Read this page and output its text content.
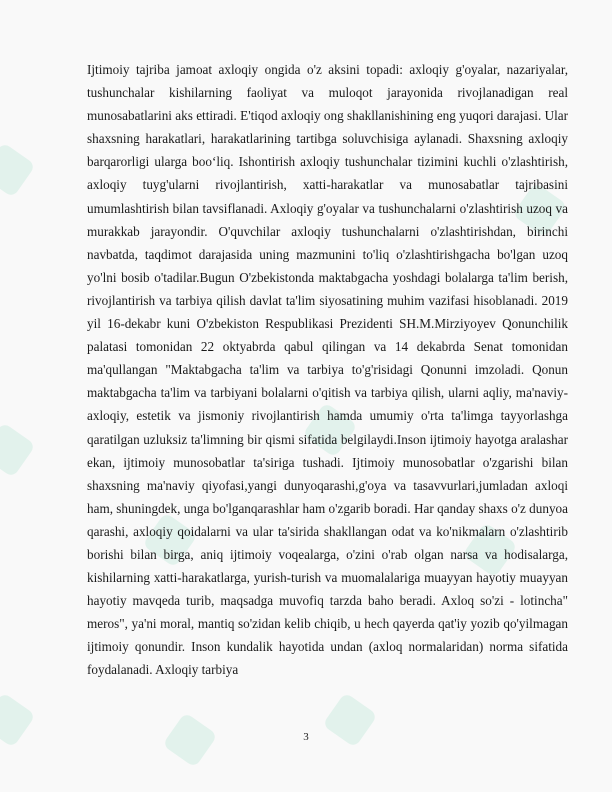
Ijtimoiy tajriba jamoat axloqiy ongida o'z aksini topadi: axloqiy g'oyalar, nazariyalar, tushunchalar kishilarning faoliyat va muloqot jarayonida rivojlanadigan real munosabatlarini aks ettiradi. E'tiqod axloqiy ong shakllanishining eng yuqori darajasi. Ular shaxsning harakatlari, harakatlarining tartibga soluvchisiga aylanadi. Shaxsning axloqiy barqarorligi ularga boo‘liq. Ishontirish axloqiy tushunchalar tizimini kuchli o'zlashtirish, axloqiy tuyg'ularni rivojlantirish, xatti-harakatlar va munosabatlar tajribasini umumlashtirish bilan tavsiflanadi. Axloqiy g'oyalar va tushunchalarni o'zlashtirish uzoq va murakkab jarayondir. O'quvchilar axloqiy tushunchalarni o'zlashtirishdan, birinchi navbatda, taqdimot darajasida uning mazmunini to'liq o'zlashtirishgacha bo'lgan uzoq yo'lni bosib o'tadilar.Bugun O'zbekistonda maktabgacha yoshdagi bolalarga ta'lim berish, rivojlantirish va tarbiya qilish davlat ta'lim siyosatining muhim vazifasi hisoblanadi. 2019 yil 16-dekabr kuni O'zbekiston Respublikasi Prezidenti SH.M.Mirziyoyev Qonunchilik palatasi tomonidan 22 oktyabrda qabul qilingan va 14 dekabrda Senat tomonidan ma'qullangan "Maktabgacha ta'lim va tarbiya to'g'risidagi Qonunni imzoladi. Qonun maktabgacha ta'lim va tarbiyani bolalarni o'qitish va tarbiya qilish, ularni aqliy, ma'naviy-axloqiy, estetik va jismoniy rivojlantirish hamda umumiy o'rta ta'limga tayyorlashga qaratilgan uzluksiz ta'limning bir qismi sifatida belgilaydi.Inson ijtimoiy hayotga aralashar ekan, ijtimoiy munosobatlar ta'siriga tushadi. Ijtimoiy munosobatlar o'zgarishi bilan shaxsning ma'naviy qiyofasi,yangi dunyoqarashi,g'oya va tasavvurlari,jumladan axloqi ham, shuningdek, unga bo'lganqarashlar ham o'zgarib boradi. Har qanday shaxs o'z dunyoa qarashi, axloqiy qoidalarni va ular ta'sirida shakllangan odat va ko'nikmalarn o'zlashtirib borishi bilan birga, aniq ijtimoiy voqealarga, o'zini o'rab olgan narsa va hodisalarga, kishilarning xatti-harakatlarga, yurish-turish va muomalalariga muayyan hayotiy muayyan hayotiy mavqeda turib, maqsadga muvofiq tarzda baho beradi. Axloq so'zi - lotincha" meros", ya'ni moral, mantiq so'zidan kelib chiqib, u hech qayerda qat'iy yozib qo'yilmagan ijtimoiy qonundir. Inson kundalik hayotida undan (axloq normalaridan) norma sifatida foydalanadi. Axloqiy tarbiya

3
